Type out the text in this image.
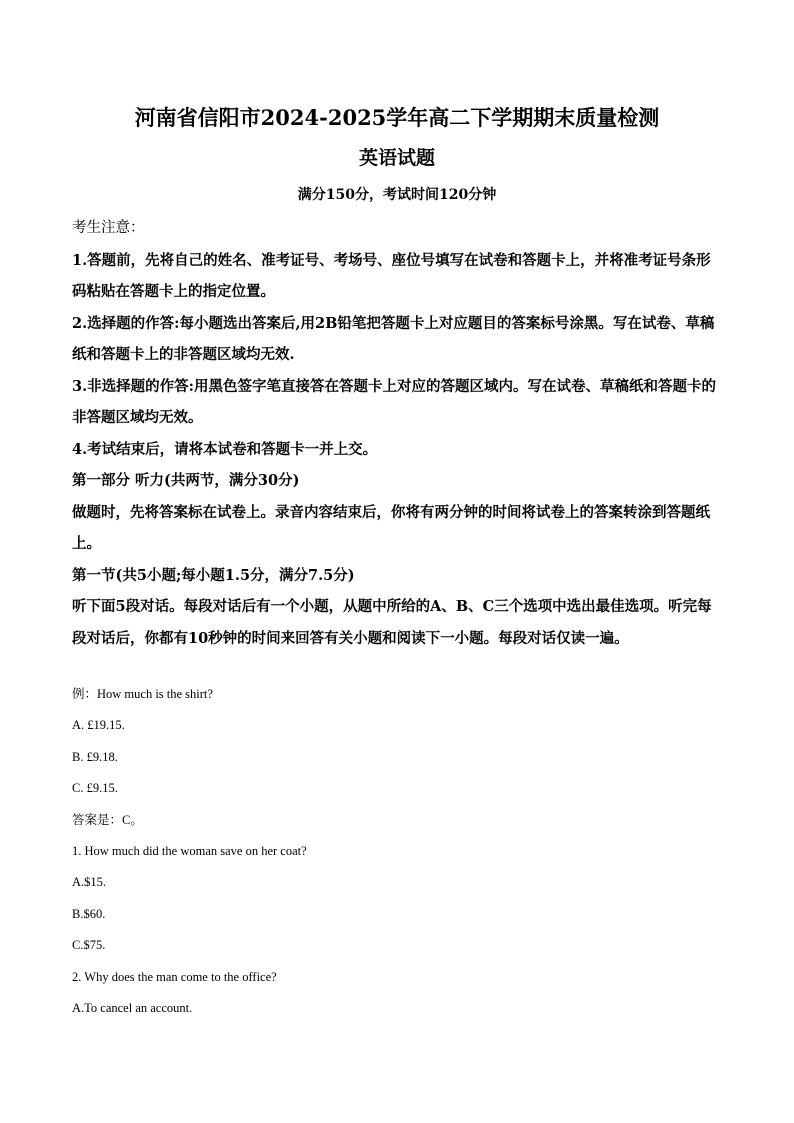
河南省信阳市2024-2025学年高二下学期期末质量检测
英语试题
满分150分，考试时间120分钟

考生注意：

1.答题前，先将自己的姓名、准考证号、考场号、座位号填写在试卷和答题卡上，并将准考证号条形码粘贴在答题卡上的指定位置。

2.选择题的作答:每小题选出答案后,用2B铅笔把答题卡上对应题目的答案标号涂黑。写在试卷、草稿纸和答题卡上的非答题区域均无效.

3.非选择题的作答:用黑色签字笔直接答在答题卡上对应的答题区域内。写在试卷、草稿纸和答题卡的非答题区域均无效。

4.考试结束后，请将本试卷和答题卡一并上交。

第一部分 听力(共两节，满分30分)

做题时，先将答案标在试卷上。录音内容结束后，你将有两分钟的时间将试卷上的答案转涂到答题纸上。

第一节(共5小题;每小题1.5分，满分7.5分)

听下面5段对话。每段对话后有一个小题，从题中所给的A、B、C三个选项中选出最佳选项。听完每段对话后，你都有10秒钟的时间来回答有关小题和阅读下一小题。每段对话仅读一遍。

例：How much is the shirt?

A. £19.15.

B. £9.18.

C. £9.15.

答案是：C。

1. How much did the woman save on her coat?

A.$15.

B.$60.

C.$75.

2. Why does the man come to the office?

A.To cancel an account.
